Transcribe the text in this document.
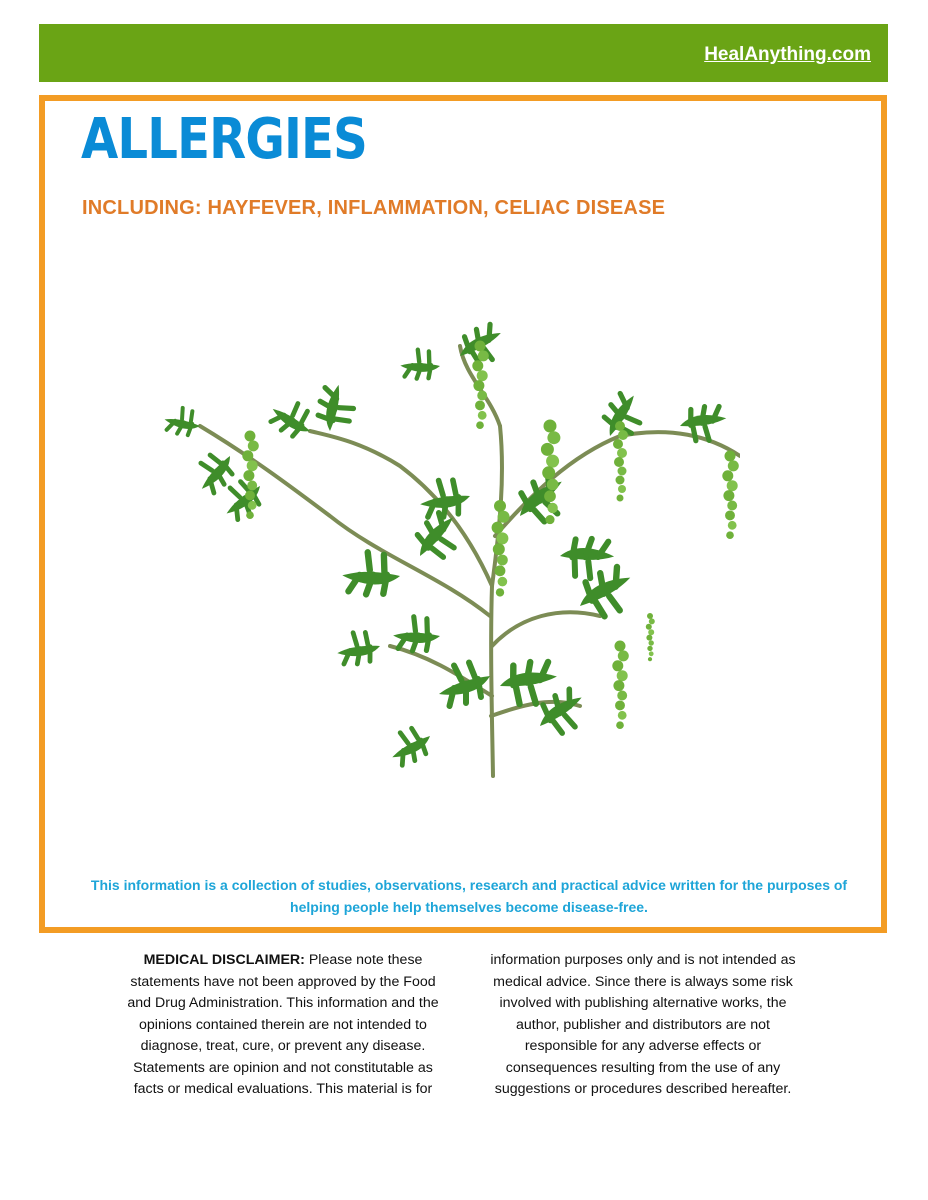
HealAnything.com
ALLERGIES
INCLUDING: HAYFEVER, INFLAMMATION, CELIAC DISEASE

This information is a collection of studies, observations, research and practical advice written for the purposes of helping people help themselves become disease-free.

MEDICAL DISCLAIMER: Please note these statements have not been approved by the Food and Drug Administration. This information and the opinions contained therein are not intended to diagnose, treat, cure, or prevent any disease. Statements are opinion and not constitutable as facts or medical evaluations. This material is for

information purposes only and is not intended as medical advice. Since there is always some risk involved with publishing alternative works, the author, publisher and distributors are not responsible for any adverse effects or consequences resulting from the use of any suggestions or procedures described hereafter.
